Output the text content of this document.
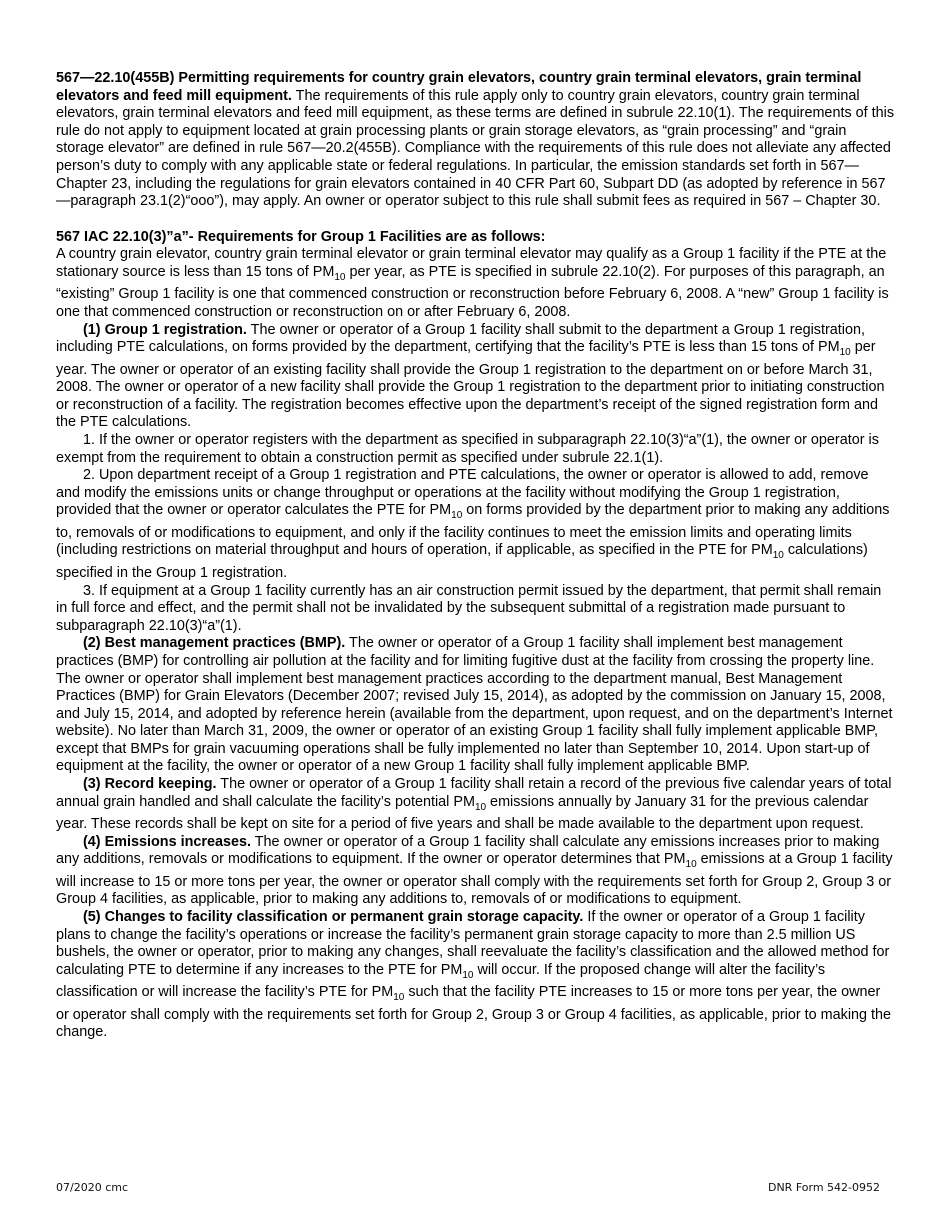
567—22.10(455B) Permitting requirements for country grain elevators, country grain terminal elevators, grain terminal elevators and feed mill equipment. The requirements of this rule apply only to country grain elevators, country grain terminal elevators, grain terminal elevators and feed mill equipment, as these terms are defined in subrule 22.10(1). The requirements of this rule do not apply to equipment located at grain processing plants or grain storage elevators, as “grain processing” and “grain storage elevator” are defined in rule 567—20.2(455B). Compliance with the requirements of this rule does not alleviate any affected person’s duty to comply with any applicable state or federal regulations. In particular, the emission standards set forth in 567—Chapter 23, including the regulations for grain elevators contained in 40 CFR Part 60, Subpart DD (as adopted by reference in 567—paragraph 23.1(2)“ooo”), may apply. An owner or operator subject to this rule shall submit fees as required in 567 – Chapter 30.

567 IAC 22.10(3)”a”- Requirements for Group 1 Facilities are as follows:

A country grain elevator, country grain terminal elevator or grain terminal elevator may qualify as a Group 1 facility if the PTE at the stationary source is less than 15 tons of $PM_{10}$ per year, as PTE is specified in subrule 22.10(2). For purposes of this paragraph, an “existing” Group 1 facility is one that commenced construction or reconstruction before February 6, 2008. A “new” Group 1 facility is one that commenced construction or reconstruction on or after February 6, 2008.

(1) Group 1 registration. The owner or operator of a Group 1 facility shall submit to the department a Group 1 registration, including PTE calculations, on forms provided by the department, certifying that the facility’s PTE is less than 15 tons of $PM_{10}$ per year. The owner or operator of an existing facility shall provide the Group 1 registration to the department on or before March 31, 2008. The owner or operator of a new facility shall provide the Group 1 registration to the department prior to initiating construction or reconstruction of a facility. The registration becomes effective upon the department’s receipt of the signed registration form and the PTE calculations.

1. If the owner or operator registers with the department as specified in subparagraph 22.10(3)“a”(1), the owner or operator is exempt from the requirement to obtain a construction permit as specified under subrule 22.1(1).

2. Upon department receipt of a Group 1 registration and PTE calculations, the owner or operator is allowed to add, remove and modify the emissions units or change throughput or operations at the facility without modifying the Group 1 registration, provided that the owner or operator calculates the PTE for $PM_{10}$ on forms provided by the department prior to making any additions to, removals of or modifications to equipment, and only if the facility continues to meet the emission limits and operating limits (including restrictions on material throughput and hours of operation, if applicable, as specified in the PTE for $PM_{10}$ calculations) specified in the Group 1 registration.

3. If equipment at a Group 1 facility currently has an air construction permit issued by the department, that permit shall remain in full force and effect, and the permit shall not be invalidated by the subsequent submittal of a registration made pursuant to subparagraph 22.10(3)“a”(1).

(2) Best management practices (BMP). The owner or operator of a Group 1 facility shall implement best management practices (BMP) for controlling air pollution at the facility and for limiting fugitive dust at the facility from crossing the property line. The owner or operator shall implement best management practices according to the department manual, Best Management Practices (BMP) for Grain Elevators (December 2007; revised July 15, 2014), as adopted by the commission on January 15, 2008, and July 15, 2014, and adopted by reference herein (available from the department, upon request, and on the department’s Internet website). No later than March 31, 2009, the owner or operator of an existing Group 1 facility shall fully implement applicable BMP, except that BMPs for grain vacuuming operations shall be fully implemented no later than September 10, 2014. Upon start-up of equipment at the facility, the owner or operator of a new Group 1 facility shall fully implement applicable BMP.

(3) Record keeping. The owner or operator of a Group 1 facility shall retain a record of the previous five calendar years of total annual grain handled and shall calculate the facility’s potential $PM_{10}$ emissions annually by January 31 for the previous calendar year. These records shall be kept on site for a period of five years and shall be made available to the department upon request.

(4) Emissions increases. The owner or operator of a Group 1 facility shall calculate any emissions increases prior to making any additions, removals or modifications to equipment. If the owner or operator determines that $PM_{10}$ emissions at a Group 1 facility will increase to 15 or more tons per year, the owner or operator shall comply with the requirements set forth for Group 2, Group 3 or Group 4 facilities, as applicable, prior to making any additions to, removals of or modifications to equipment.

(5) Changes to facility classification or permanent grain storage capacity. If the owner or operator of a Group 1 facility plans to change the facility’s operations or increase the facility’s permanent grain storage capacity to more than 2.5 million US bushels, the owner or operator, prior to making any changes, shall reevaluate the facility’s classification and the allowed method for calculating PTE to determine if any increases to the PTE for $PM_{10}$ will occur. If the proposed change will alter the facility’s classification or will increase the facility’s PTE for $PM_{10}$ such that the facility PTE increases to 15 or more tons per year, the owner or operator shall comply with the requirements set forth for Group 2, Group 3 or Group 4 facilities, as applicable, prior to making the change.

07/2020 cmc	DNR Form 542-0952
